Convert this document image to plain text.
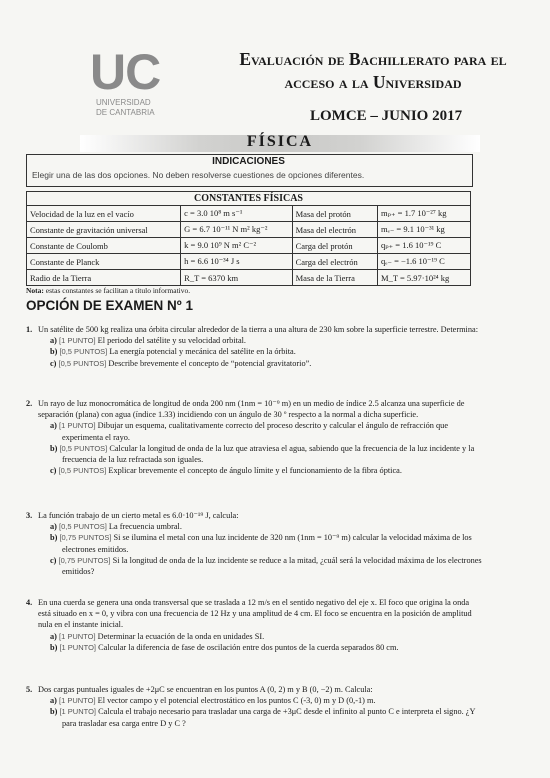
UC
UNIVERSIDAD
DE CANTABRIA
Evaluación de Bachillerato para el
acceso a la Universidad
LOMCE – JUNIO 2017
FÍSICA
INDICACIONES
Elegir una de las dos opciones. No deben resolverse cuestiones de opciones diferentes.
CONSTANTES FÍSICAS			
Velocidad de la luz en el vacío	c = 3.0 10⁸ m s⁻¹	Masa del protón	mₚ₊ = 1.7 10⁻²⁷ kg
Constante de gravitación universal	G = 6.7 10⁻¹¹ N m² kg⁻²	Masa del electrón	mₑ₋ = 9.1 10⁻³¹ kg
Constante de Coulomb	k = 9.0 10⁹ N m² C⁻²	Carga del protón	qₚ₊ = 1.6 10⁻¹⁹ C
Constante de Planck	h = 6.6 10⁻³⁴ J s	Carga del electrón	qₑ₋ = −1.6 10⁻¹⁹ C
Radio de la Tierra	R_T = 6370 km	Masa de la Tierra	M_T = 5.97·10²⁴ kg
Nota: estas constantes se facilitan a título informativo.
OPCIÓN DE EXAMEN Nº 1
1. Un satélite de 500 kg realiza una órbita circular alrededor de la tierra a una altura de 230 km sobre la superficie terrestre. Determina:
a) [1 PUNTO] El periodo del satélite y su velocidad orbital.
b) [0,5 PUNTOS] La energía potencial y mecánica del satélite en la órbita.
c) [0,5 PUNTOS] Describe brevemente el concepto de “potencial gravitatorio”.
2. Un rayo de luz monocromática de longitud de onda 200 nm (1nm = 10⁻⁹ m) en un medio de índice 2.5 alcanza una superficie de separación (plana) con agua (índice 1.33) incidiendo con un ángulo de 30 º respecto a la normal a dicha superficie.
a) [1 PUNTO] Dibujar un esquema, cualitativamente correcto del proceso descrito y calcular el ángulo de refracción que experimenta el rayo.
b) [0,5 PUNTOS] Calcular la longitud de onda de la luz que atraviesa el agua, sabiendo que la frecuencia de la luz incidente y la frecuencia de la luz refractada son iguales.
c) [0,5 PUNTOS] Explicar brevemente el concepto de ángulo límite y el funcionamiento de la fibra óptica.
3. La función trabajo de un cierto metal es 6.0·10⁻¹⁹ J, calcula:
a) [0,5 PUNTOS] La frecuencia umbral.
b) [0,75 PUNTOS] Si se ilumina el metal con una luz incidente de 320 nm (1nm = 10⁻⁹ m) calcular la velocidad máxima de los electrones emitidos.
c) [0,75 PUNTOS] Si la longitud de onda de la luz incidente se reduce a la mitad, ¿cuál será la velocidad máxima de los electrones emitidos?
4. En una cuerda se genera una onda transversal que se traslada a 12 m/s en el sentido negativo del eje x. El foco que origina la onda está situado en x = 0, y vibra con una frecuencia de 12 Hz y una amplitud de 4 cm. El foco se encuentra en la posición de amplitud nula en el instante inicial.
a) [1 PUNTO] Determinar la ecuación de la onda en unidades SI.
b) [1 PUNTO] Calcular la diferencia de fase de oscilación entre dos puntos de la cuerda separados 80 cm.
5. Dos cargas puntuales iguales de +2μC se encuentran en los puntos A (0, 2) m y B (0, −2) m. Calcula:
a) [1 PUNTO] El vector campo y el potencial electrostático en los puntos C (-3, 0) m y D (0,-1) m.
b) [1 PUNTO] Calcula el trabajo necesario para trasladar una carga de +3μC desde el infinito al punto C e interpreta el signo. ¿Y para trasladar esa carga entre D y C ?
